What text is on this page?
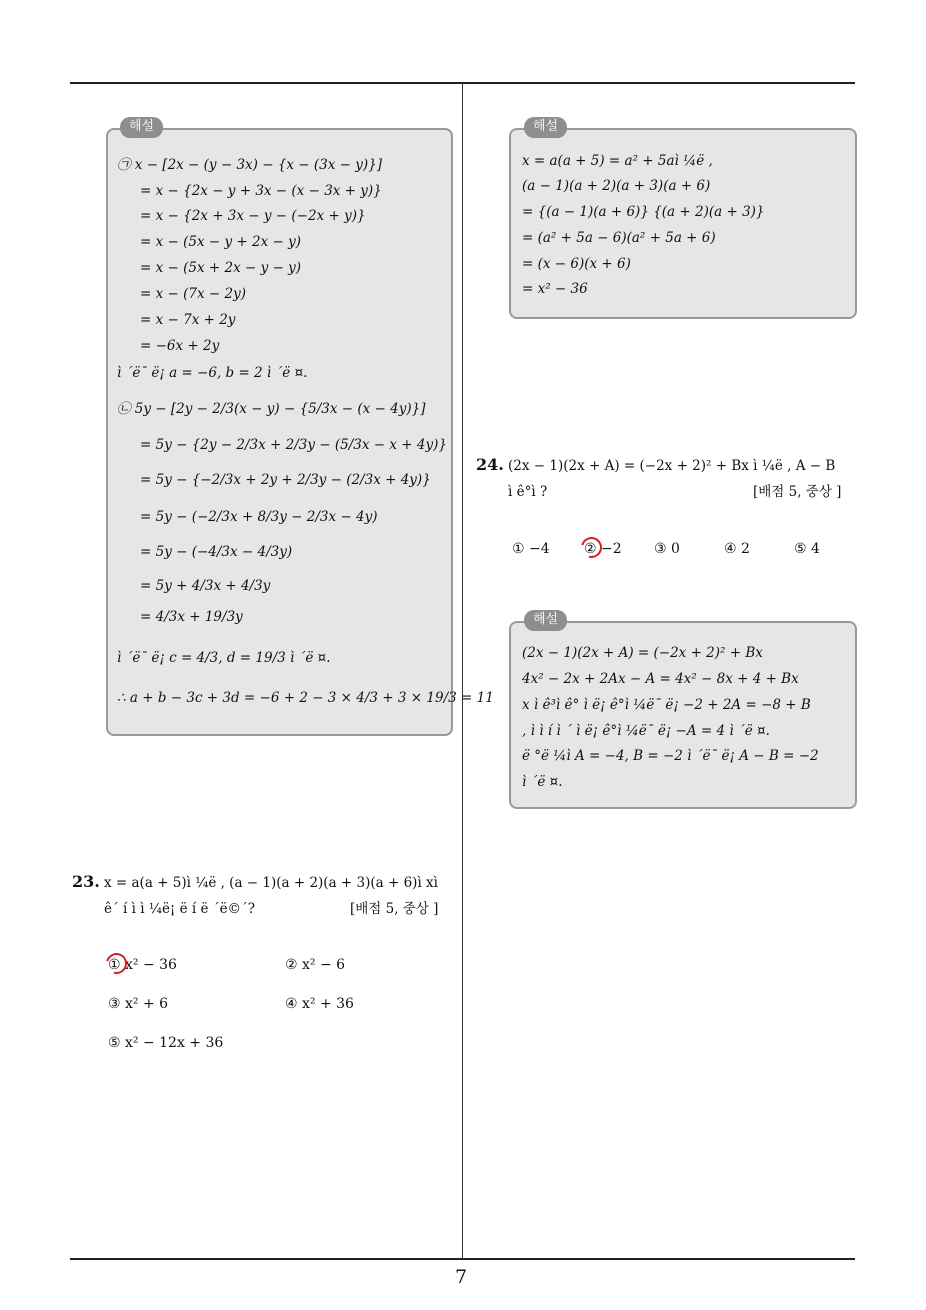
해설
㉠ x − [2x − (y − 3x) − {x − (3x − y)}]
= x − {2x − y + 3x − (x − 3x + y)}
= x − {2x + 3x − y − (−2x + y)}
= x − (5x − y + 2x − y)
= x − (5x + 2x − y − y)
= x − (7x − 2y)
= x − 7x + 2y
= −6x + 2y
ì ´ë¯ ë¡ a = −6, b = 2 ì ´ë ¤.
㉡ 5y − [2y − 2/3(x − y) − {5/3x − (x − 4y)}]
= 5y − {2y − 2/3x + 2/3y − (5/3x − x + 4y)}
= 5y − {−2/3x + 2y + 2/3y − (2/3x + 4y)}
= 5y − (−2/3x + 8/3y − 2/3x − 4y)
= 5y − (−4/3x − 4/3y)
= 5y + 4/3x + 4/3y
= 4/3x + 19/3y
ì ´ë¯ ë¡ c = 4/3, d = 19/3 ì ´ë ¤.
∴ a + b − 3c + 3d = −6 + 2 − 3 × 4/3 + 3 × 19/3 = 11
해설
x = a(a + 5) = a² + 5aì ¼ë ,
(a − 1)(a + 2)(a + 3)(a + 6)
= {(a − 1)(a + 6)} {(a + 2)(a + 3)}
= (a² + 5a − 6)(a² + 5a + 6)
= (x − 6)(x + 6)
= x² − 36
24. (2x − 1)(2x + A) = (−2x + 2)² + Bx ì ¼ë , A − B
ì ê°ì ?	[배점 5, 중상 ]
① −4 ② −2 ③ 0	④ 2	⑤ 4
해설
(2x − 1)(2x + A) = (−2x + 2)² + Bx
4x² − 2x + 2Ax − A = 4x² − 8x + 4 + Bx
x ì ê³ì ê° ì ë¡ ê°ì ¼ë¯ ë¡ −2 + 2A = −8 + B
, ì ì í ì ´ ì ë¡ ê°ì ¼ë¯ ë¡ −A = 4 ì ´ë ¤.
ë °ë ¼ì A = −4, B = −2 ì ´ë¯ ë¡ A − B = −2
ì ´ë ¤.
23. x = a(a + 5)ì ¼ë , (a − 1)(a + 2)(a + 3)(a + 6)ì xì
ê´ í ì ì ¼ë¡ ë í ë ´ë©´?	[배점 5, 중상 ]
① x² − 36	② x² − 6
③ x² + 6	④ x² + 36
⑤ x² − 12x + 36
7
